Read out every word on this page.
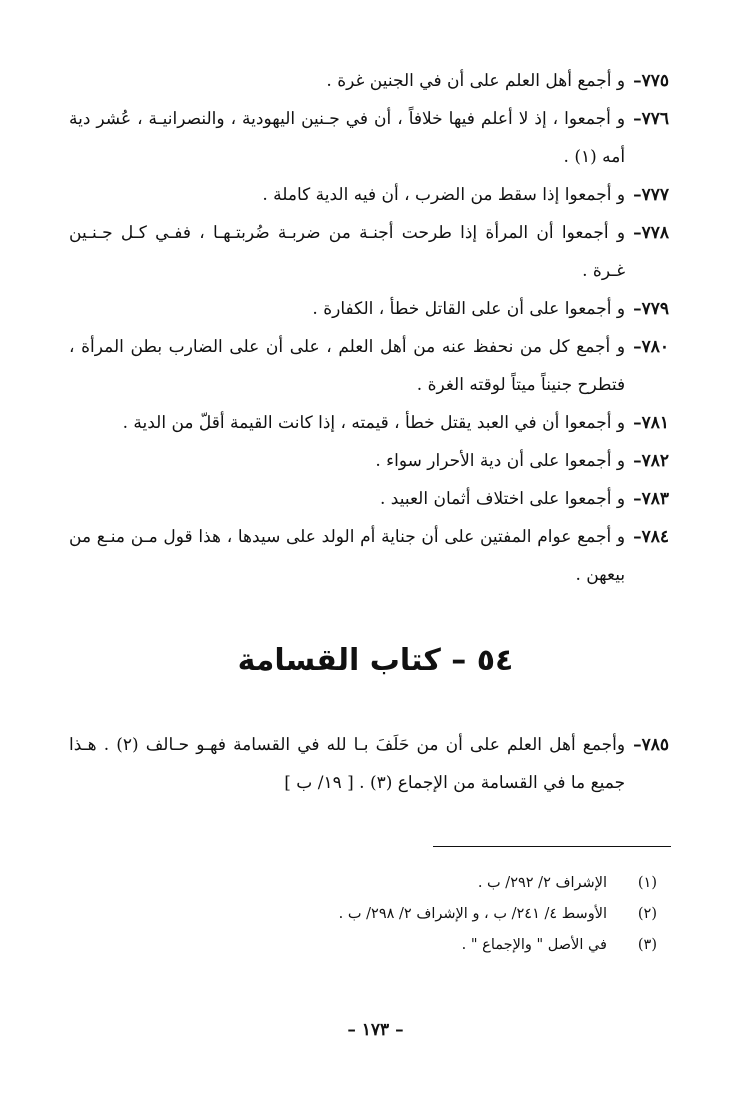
٧٧٥–
و أجمع أهل العلم على أن في الجنين غرة .
٧٧٦–
و أجمعوا ، إذ لا أعلم فيها خلافاً ، أن في جـنين اليهودية ، والنصرانيـة ، عُشر دية أمه (١) .
٧٧٧–
و أجمعوا إذا سقط من الضرب ، أن فيه الدية كاملة .
٧٧٨–
و أجمعوا أن المرأة إذا طرحت أجنـة من ضربـة ضُربتـهـا ، ففـي كـل جـنـين غـرة .
٧٧٩–
و أجمعوا على أن على القاتل خطأ ، الكفارة .
٧٨٠–
و أجمع كل من نحفظ عنه من أهل العلم ، على أن على الضارب بطن المرأة ، فتطرح جنيناً ميتاً لوقته الغرة .
٧٨١–
و أجمعوا أن في العبد يقتل خطأ ، قيمته ، إذا كانت القيمة أقلّ من الدية .
٧٨٢–
و أجمعوا على أن دية الأحرار سواء .
٧٨٣–
و أجمعوا على اختلاف أثمان العبيد .
٧٨٤–
و أجمع عوام المفتين على أن جناية أم الولد على سيدها ، هذا قول مـن منـع من بيعهن .
٥٤ – كتاب القسامة
٧٨٥–
وأجمع أهل العلم على أن من حَلَفَ بـا لله في القسامة فهـو حـالف (٢) . هـذا جميع ما في القسامة من الإجماع (٣) . [ ١٩/ ب ]
(١)
الإشراف ٢/ ٢٩٢/ ب .
(٢)
الأوسط ٤/ ٢٤١/ ب ، و الإشراف ٢/ ٢٩٨/ ب .
(٣)
في الأصل " والإجماع " .
– ١٧٣ –
